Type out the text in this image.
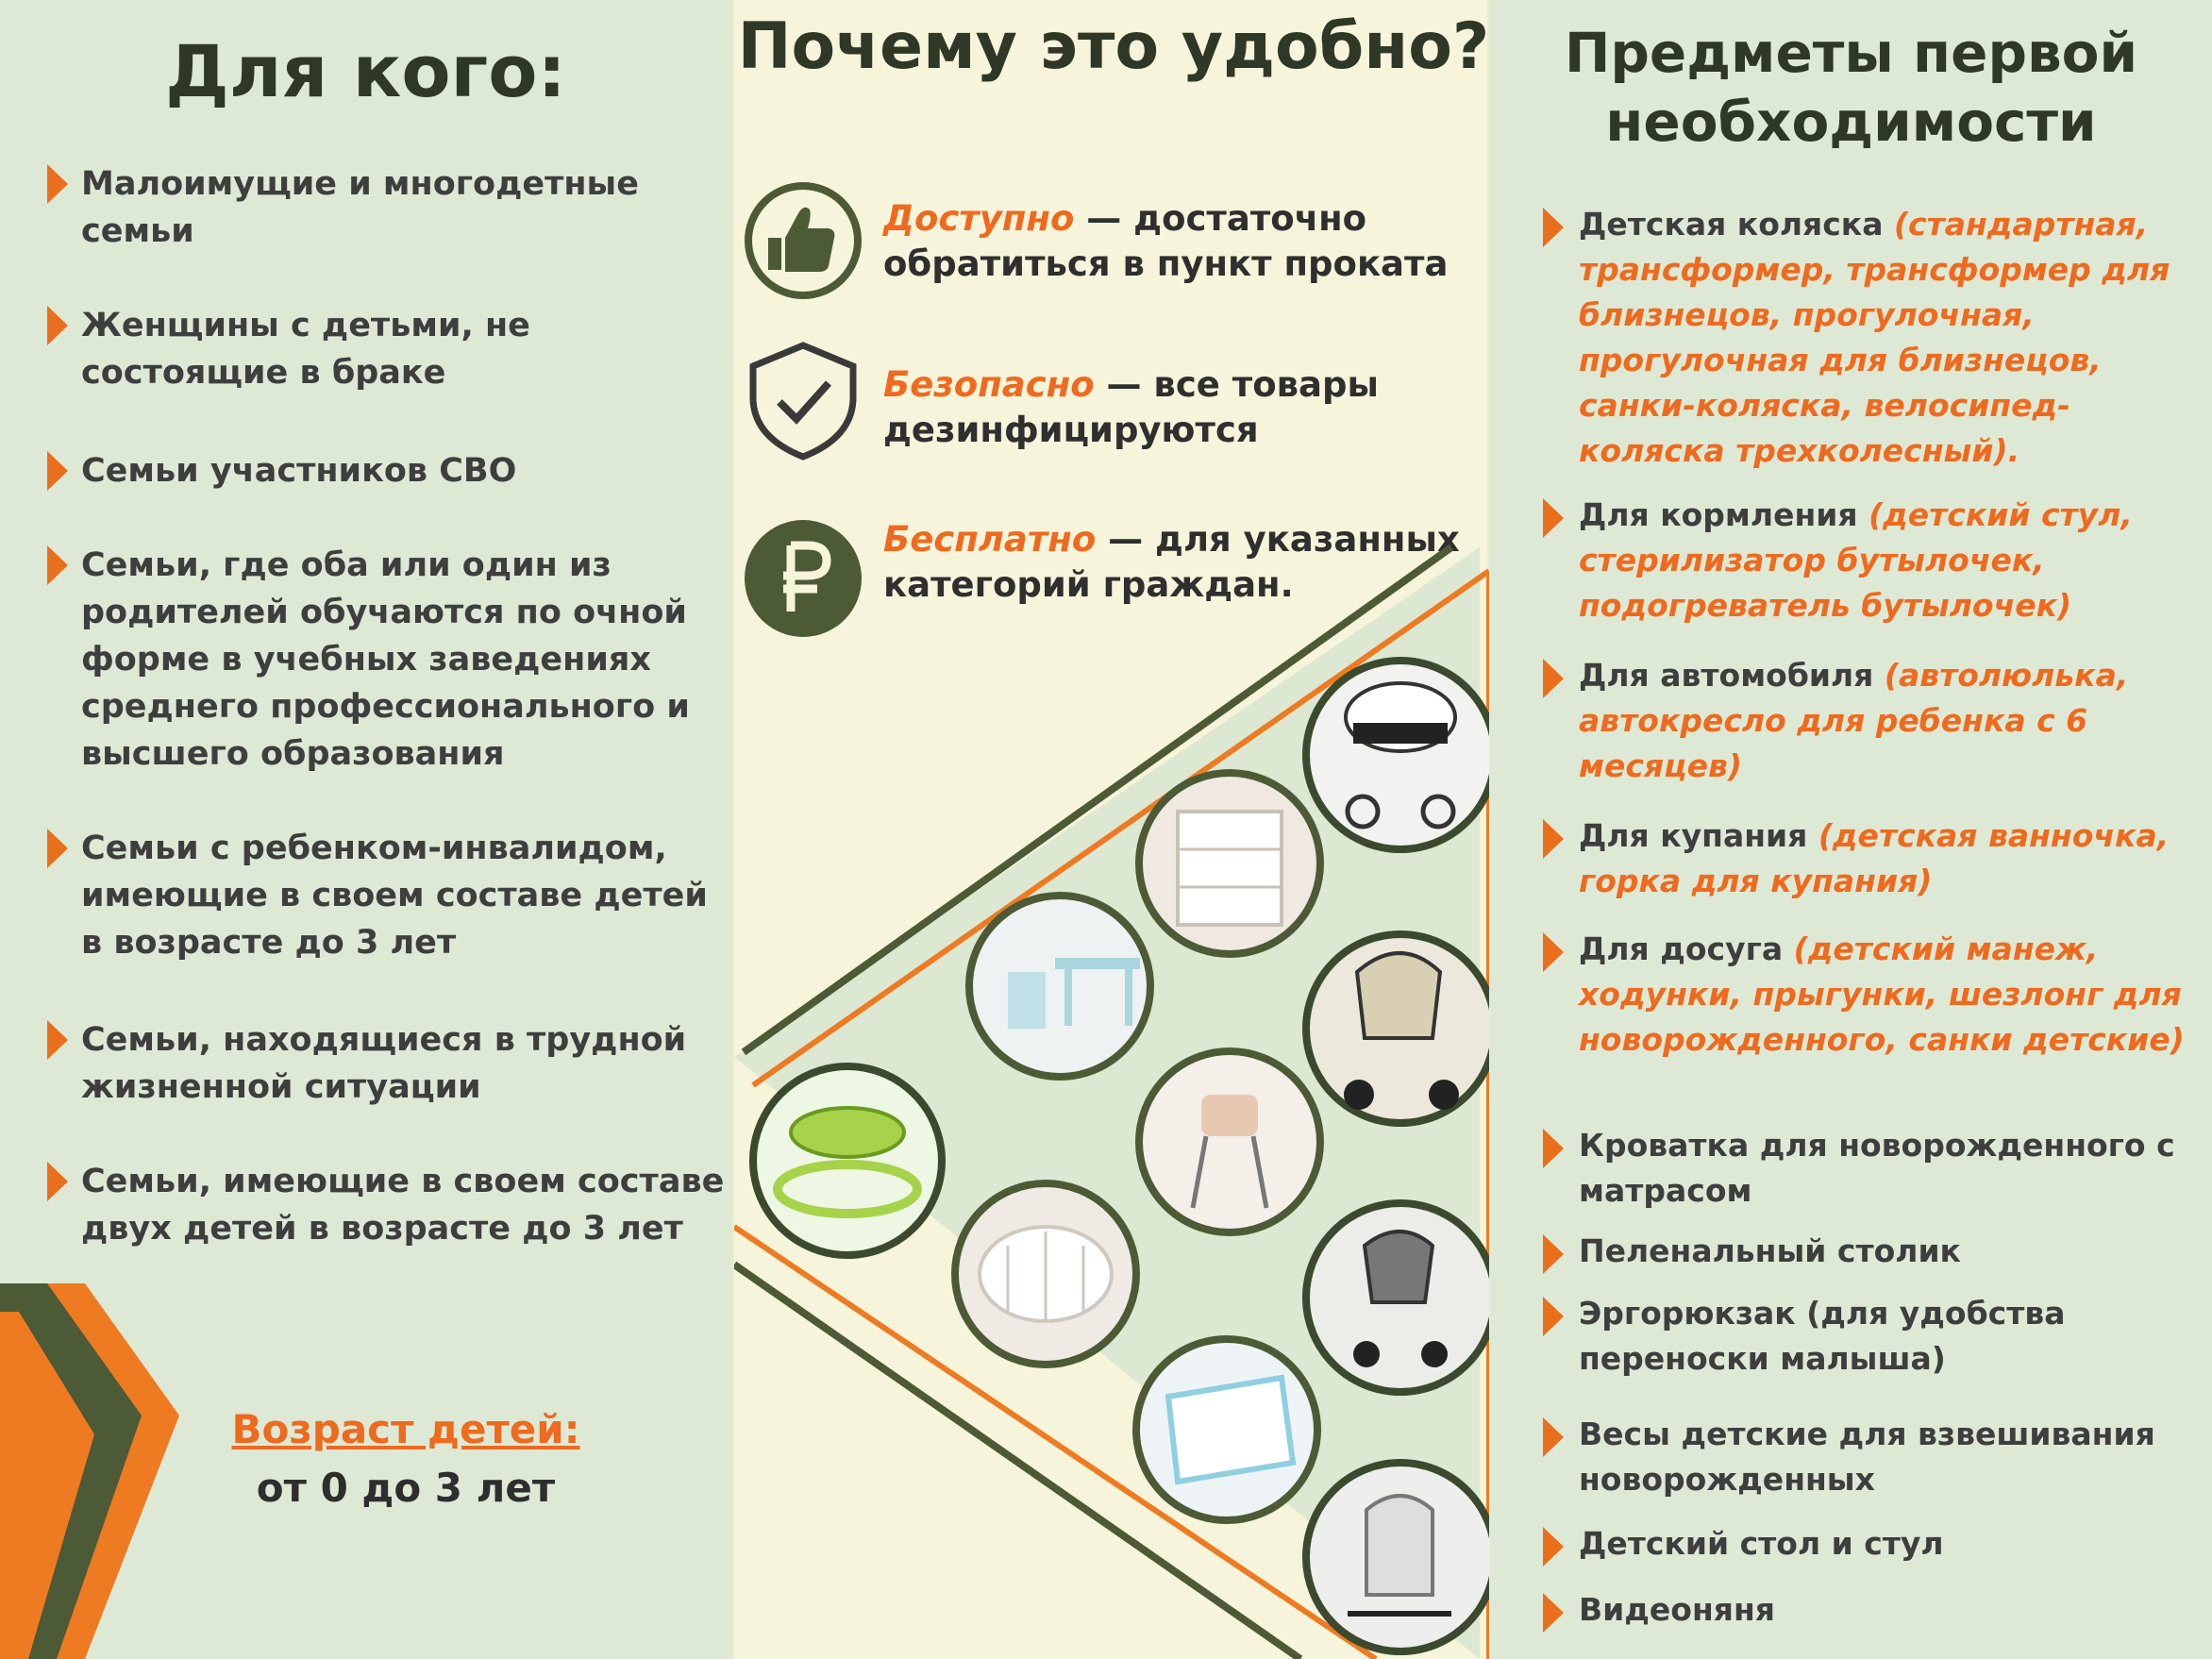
Для кого:
Малоимущие и многодетные семьи
Женщины с детьми, не состоящие в браке
Семьи участников СВО
Семьи, где оба или один из родителей обучаются по очной форме в учебных заведениях среднего профессионального и высшего образования
Семьи с ребенком-инвалидом, имеющие в своем составе детей в возрасте до 3 лет
Семьи, находящиеся в трудной жизненной ситуации
Семьи, имеющие в своем составе двух детей в возрасте до 3 лет
Возраст детей:
от 0 до 3 лет
Почему это удобно?
Доступно — достаточно обратиться в пункт проката
Безопасно — все товары дезинфицируются
Бесплатно — для указанных категорий граждан.
Предметы первой необходимости
Детская коляска (стандартная, трансформер, трансформер для близнецов, прогулочная, прогулочная для близнецов, санки-коляска, велосипед-коляска трехколесный).
Для кормления (детский стул, стерилизатор бутылочек, подогреватель бутылочек)
Для автомобиля (автолюлька, автокресло для ребенка с 6 месяцев)
Для купания (детская ванночка, горка для купания)
Для досуга (детский манеж, ходунки, прыгунки, шезлонг для новорожденного, санки детские)
Кроватка для новорожденного с матрасом
Пеленальный столик
Эргорюкзак (для удобства переноски малыша)
Весы детские для взвешивания новорожденных
Детский стол и стул
Видеоняня
